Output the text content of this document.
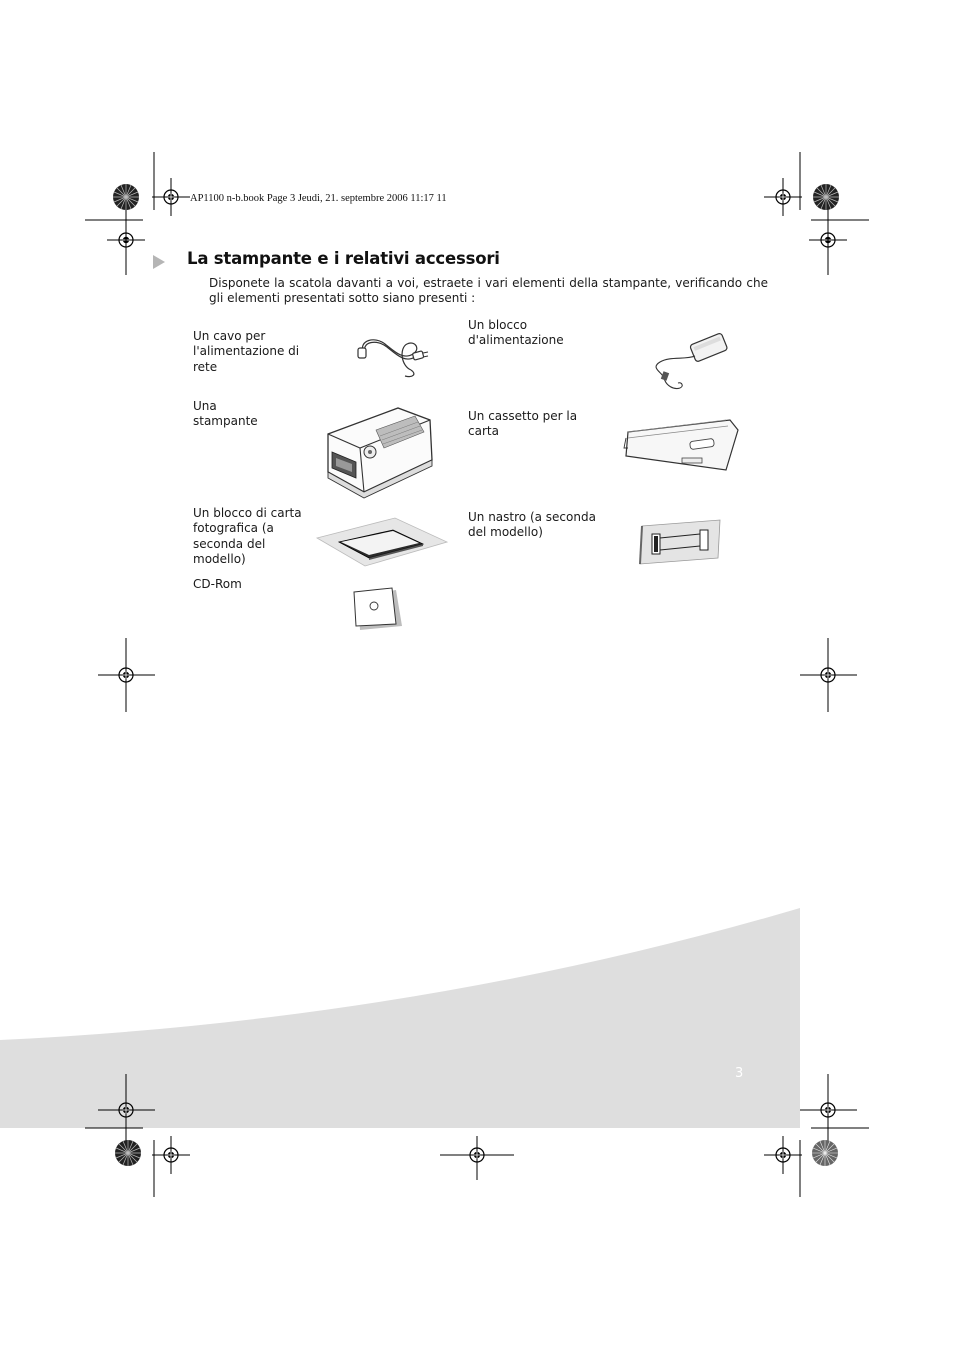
AP1100 n-b.book Page 3 Jeudi, 21. septembre 2006 11:17 11
La stampante e i relativi accessori
Disponete la scatola davanti a voi, estraete i vari elementi della stampante, verificando che gli elementi presentati sotto siano presenti :
Un cavo per l'alimentazione di rete
Un blocco d'alimentazione
Una stampante	Un cassetto per la carta
Un blocco di carta fotografica (a seconda del modello)
Un nastro (a seconda del modello)
CD-Rom
3
